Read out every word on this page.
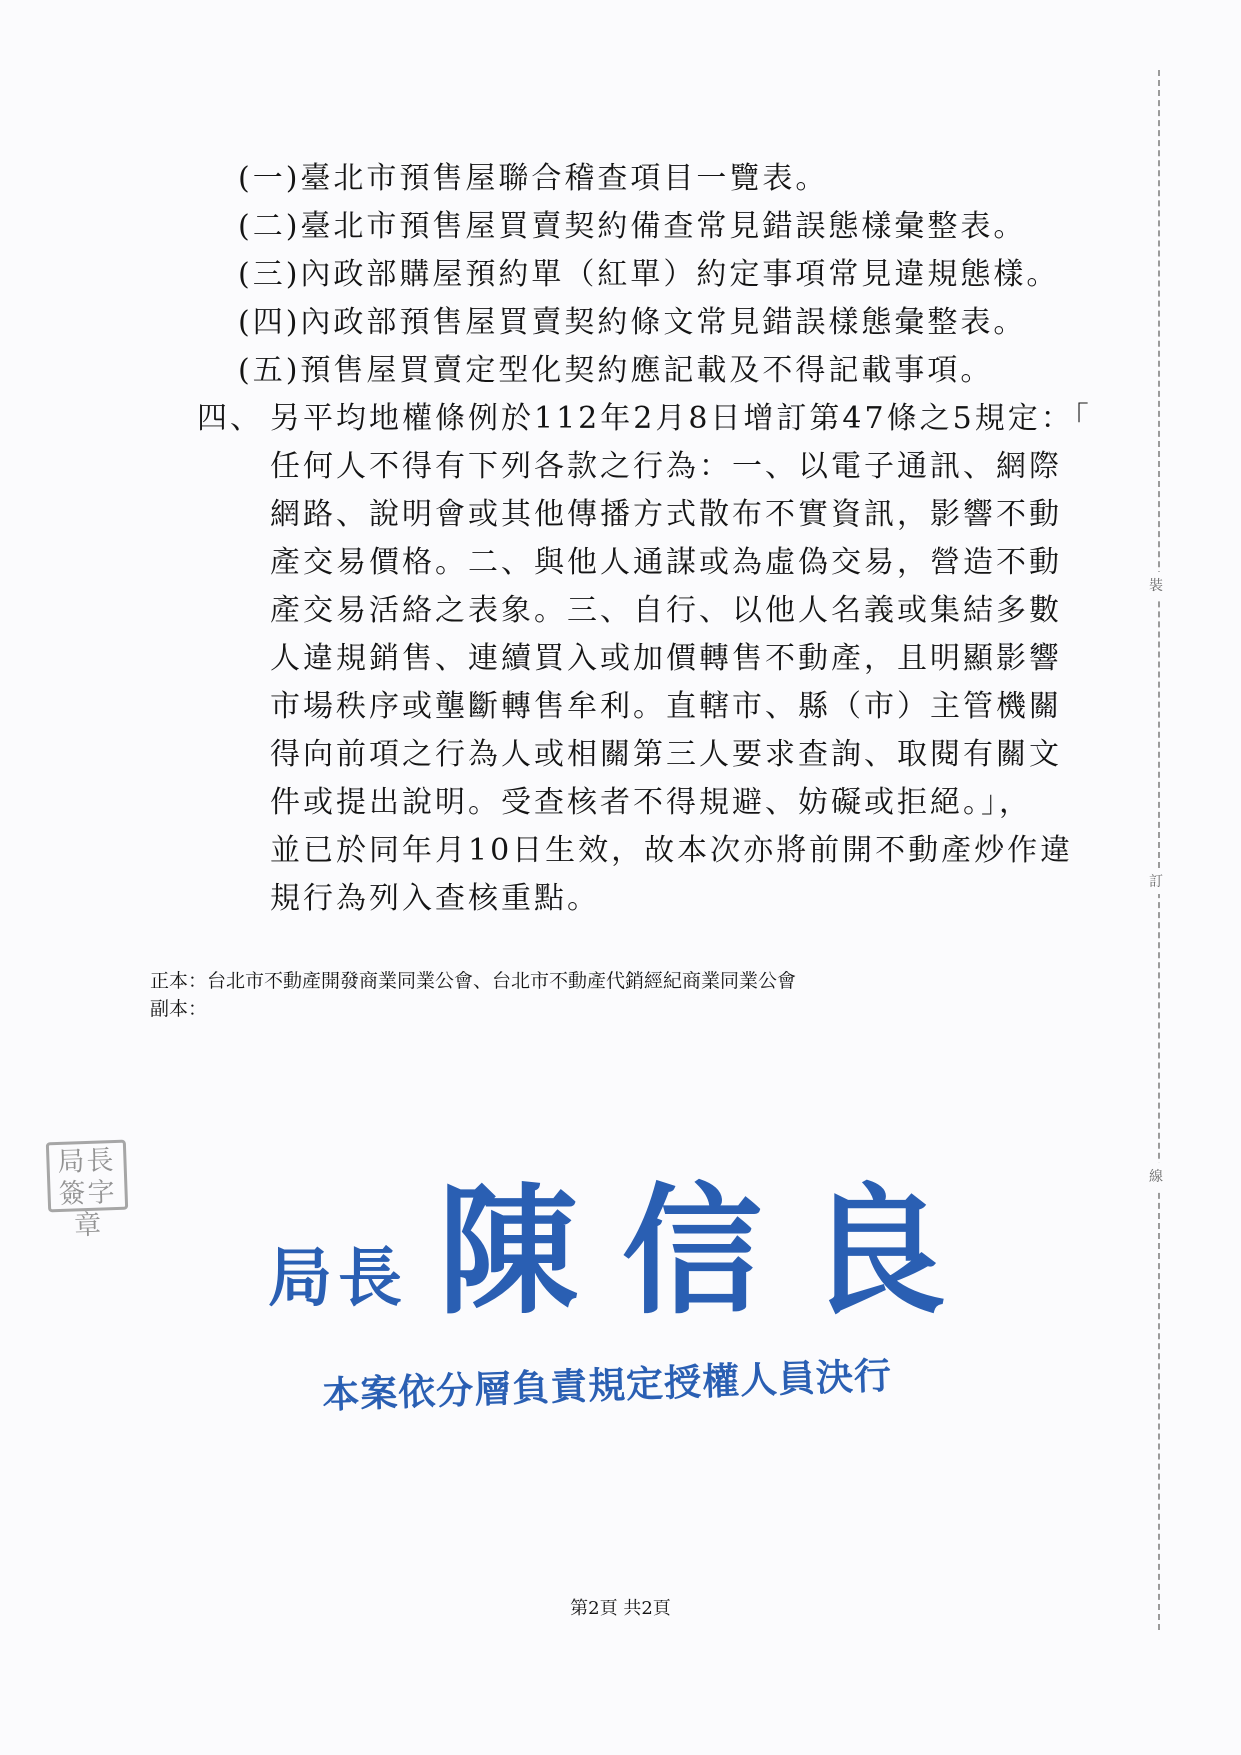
(一)臺北市預售屋聯合稽查項目一覽表。
(二)臺北市預售屋買賣契約備查常見錯誤態樣彙整表。
(三)內政部購屋預約單（紅單）約定事項常見違規態樣。
(四)內政部預售屋買賣契約條文常見錯誤樣態彙整表。
(五)預售屋買賣定型化契約應記載及不得記載事項。
四、 另平均地權條例於112年2月8日增訂第47條之5規定：「
任何人不得有下列各款之行為：一、以電子通訊、網際
網路、說明會或其他傳播方式散布不實資訊，影響不動
產交易價格。二、與他人通謀或為虛偽交易，營造不動
產交易活絡之表象。三、自行、以他人名義或集結多數
人違規銷售、連續買入或加價轉售不動產，且明顯影響
市場秩序或壟斷轉售牟利。直轄市、縣（市）主管機關
得向前項之行為人或相關第三人要求查詢、取閱有關文
件或提出說明。受查核者不得規避、妨礙或拒絕。」，
並已於同年月10日生效，故本次亦將前開不動產炒作違
規行為列入查核重點。
正本：台北市不動產開發商業同業公會、台北市不動產代銷經紀商業同業公會
副本：
局長簽字章
局長 陳信良
本案依分層負責規定授權人員決行
第2頁 共2頁
裝
訂
線
